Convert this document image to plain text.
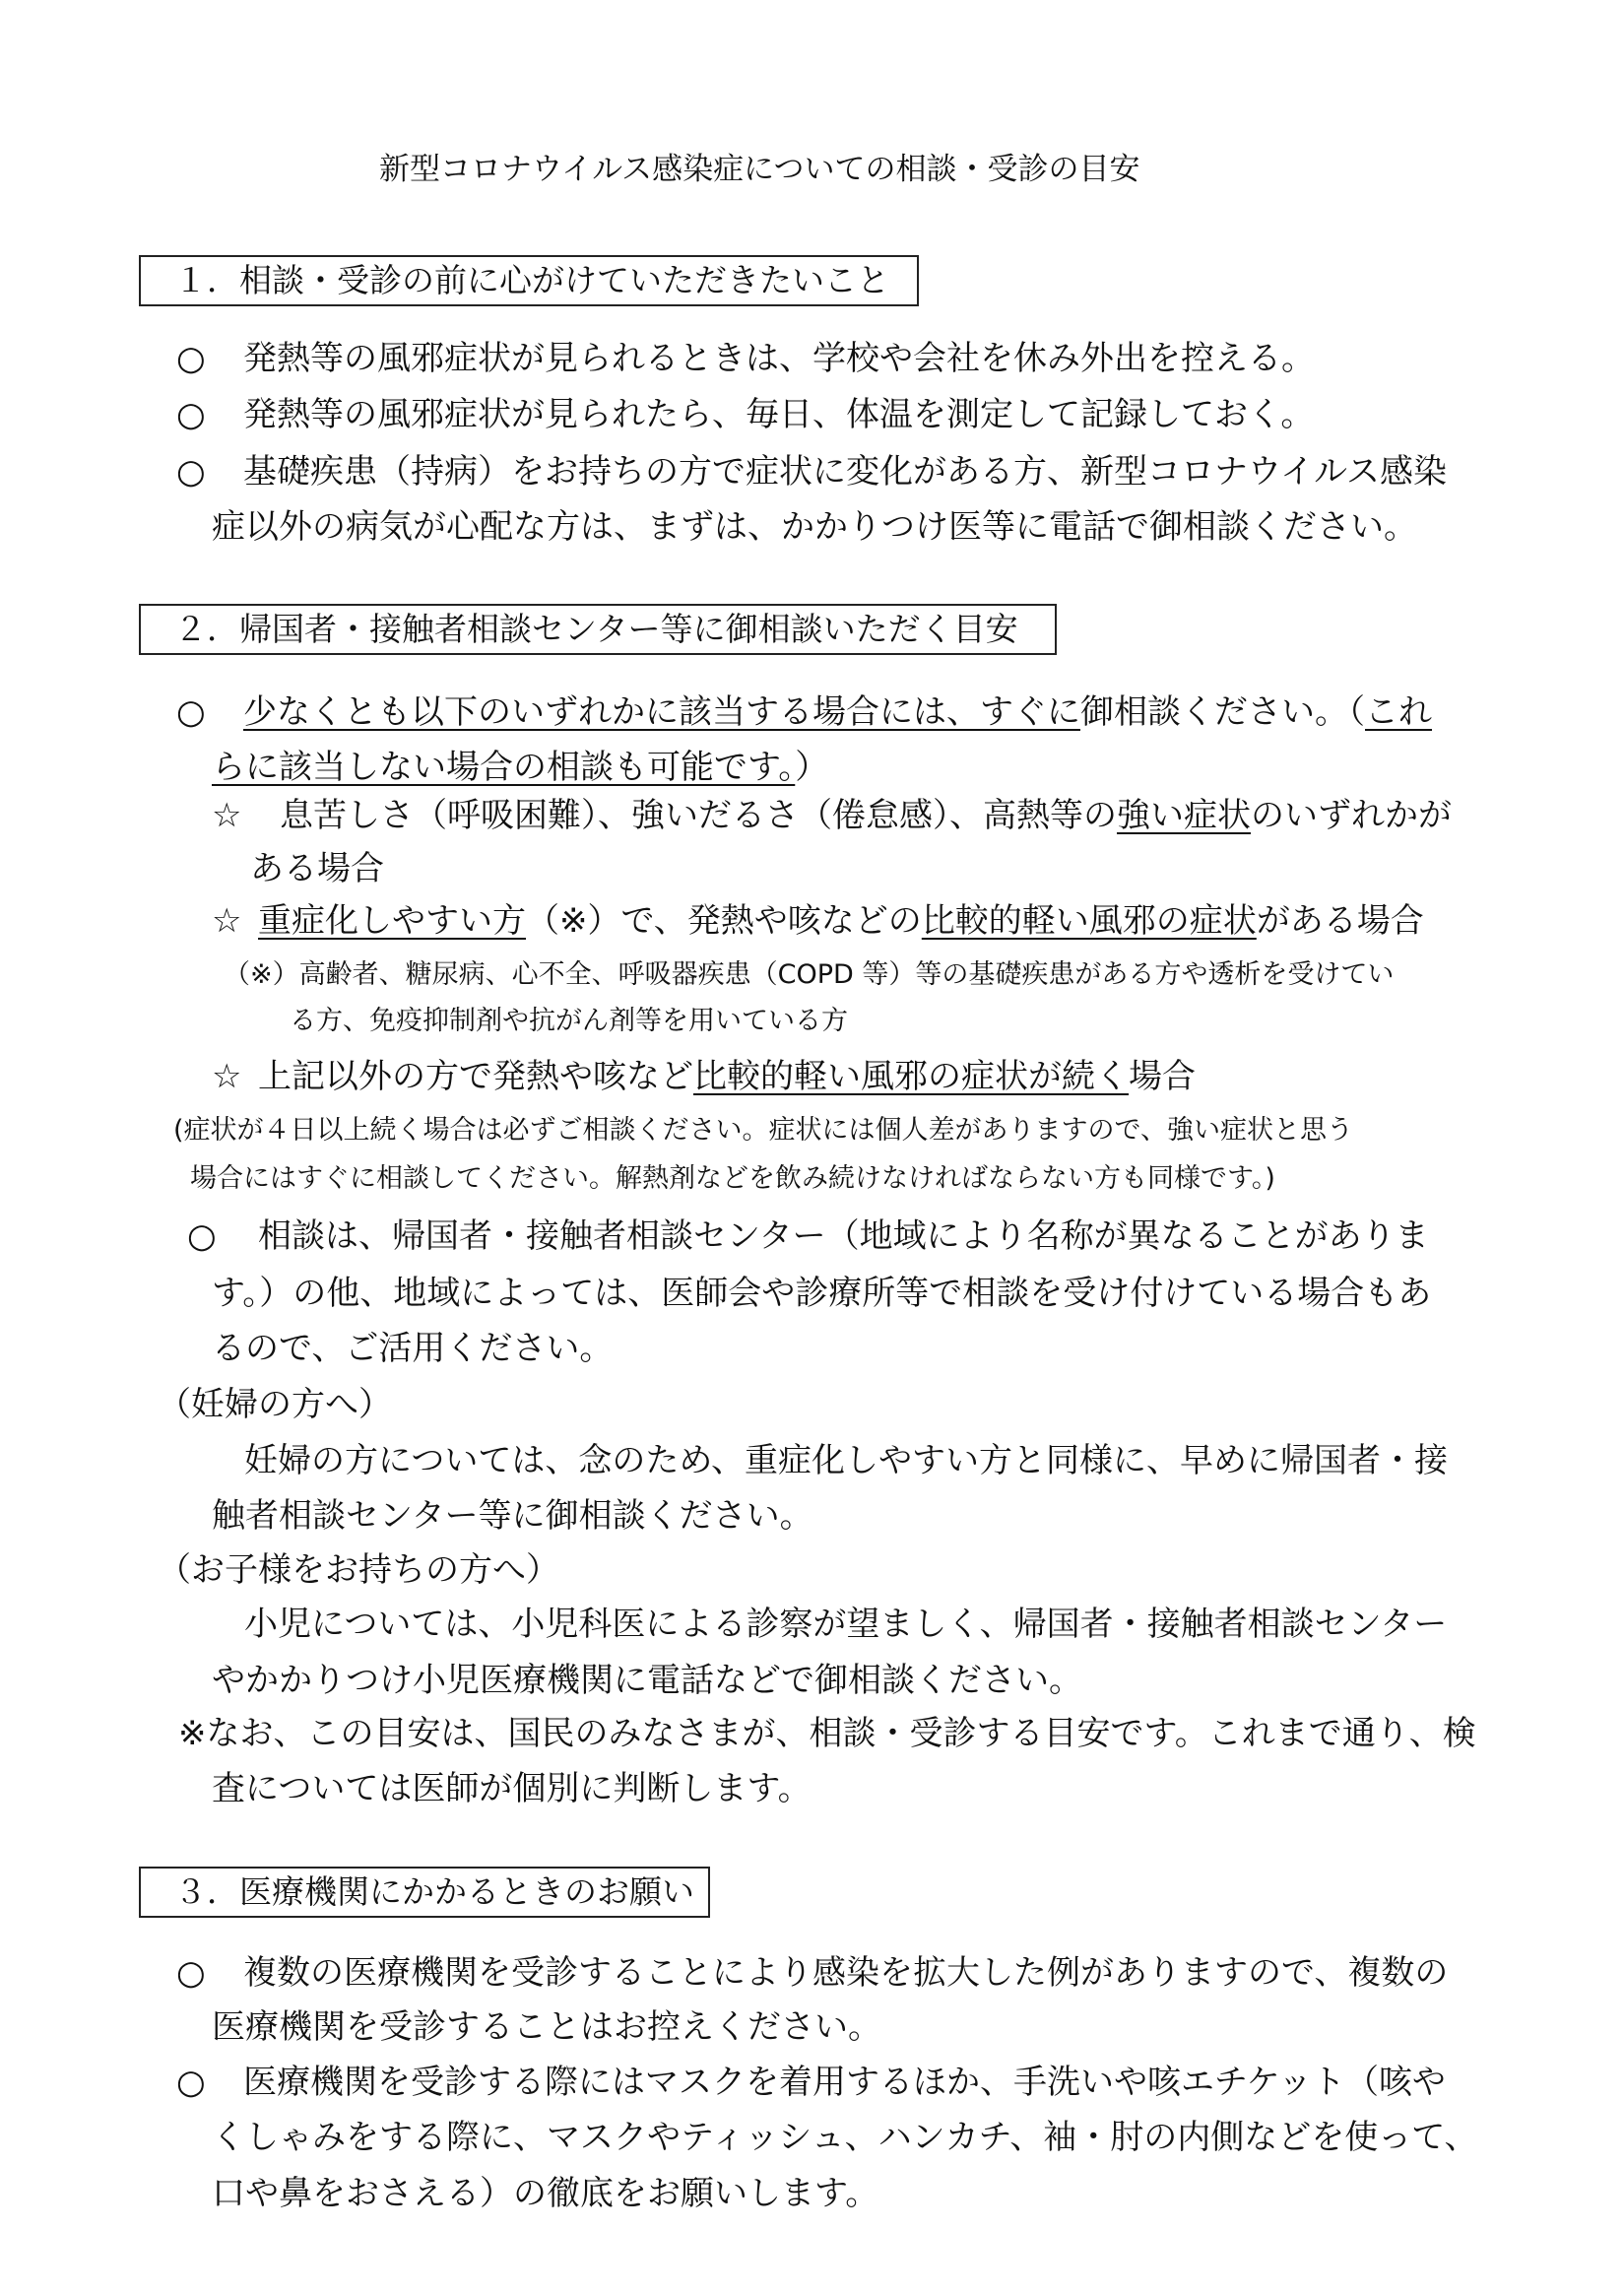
新型コロナウイルス感染症についての相談・受診の目安
１．相談・受診の前に心がけていただきたいこと
○ 発熱等の風邪症状が見られるときは、学校や会社を休み外出を控える。
○ 発熱等の風邪症状が見られたら、毎日、体温を測定して記録しておく。
○ 基礎疾患（持病）をお持ちの方で症状に変化がある方、新型コロナウイルス感染
症以外の病気が心配な方は、まずは、かかりつけ医等に電話で御相談ください。
２．帰国者・接触者相談センター等に御相談いただく目安
○ 少なくとも以下のいずれかに該当する場合には、すぐに御相談ください。（これ
らに該当しない場合の相談も可能です。）
☆ 息苦しさ（呼吸困難）、強いだるさ（倦怠感）、高熱等の強い症状のいずれかが
ある場合
☆ 重症化しやすい方（※）で、発熱や咳などの比較的軽い風邪の症状がある場合
（※）高齢者、糖尿病、心不全、呼吸器疾患（COPD 等）等の基礎疾患がある方や透析を受けてい
る方、免疫抑制剤や抗がん剤等を用いている方
☆ 上記以外の方で発熱や咳など比較的軽い風邪の症状が続く場合
(症状が４日以上続く場合は必ずご相談ください。症状には個人差がありますので、強い症状と思う
場合にはすぐに相談してください。解熱剤などを飲み続けなければならない方も同様です。)
○ 相談は、帰国者・接触者相談センター（地域により名称が異なることがありま
す。）の他、地域によっては、医師会や診療所等で相談を受け付けている場合もあ
るので、ご活用ください。
（妊婦の方へ）
妊婦の方については、念のため、重症化しやすい方と同様に、早めに帰国者・接
触者相談センター等に御相談ください。
（お子様をお持ちの方へ）
小児については、小児科医による診察が望ましく、帰国者・接触者相談センター
やかかりつけ小児医療機関に電話などで御相談ください。
※なお、この目安は、国民のみなさまが、相談・受診する目安です。これまで通り、検
査については医師が個別に判断します。
３．医療機関にかかるときのお願い
○ 複数の医療機関を受診することにより感染を拡大した例がありますので、複数の
医療機関を受診することはお控えください。
○ 医療機関を受診する際にはマスクを着用するほか、手洗いや咳エチケット（咳や
くしゃみをする際に、マスクやティッシュ、ハンカチ、袖・肘の内側などを使って、
口や鼻をおさえる）の徹底をお願いします。
